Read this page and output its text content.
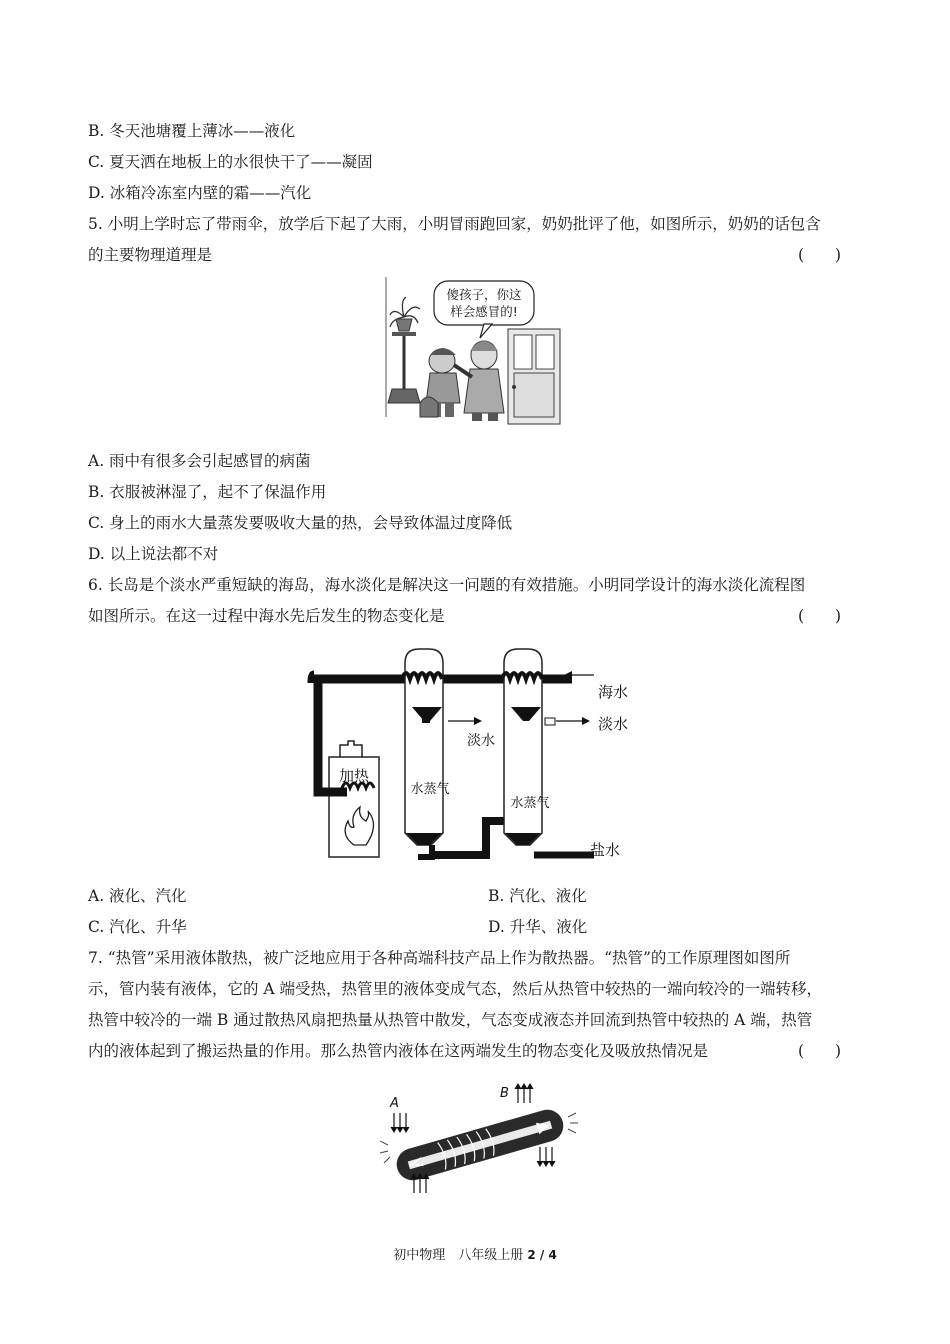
B. 冬天池塘覆上薄冰——液化
C. 夏天洒在地板上的水很快干了——凝固
D. 冰箱冷冻室内壁的霜——汽化
5. 小明上学时忘了带雨伞，放学后下起了大雨，小明冒雨跑回家，奶奶批评了他，如图所示，奶奶的话包含
的主要物理道理是	(　　)
傻孩子，你这
样会感冒的!
A. 雨中有很多会引起感冒的病菌
B. 衣服被淋湿了，起不了保温作用
C. 身上的雨水大量蒸发要吸收大量的热，会导致体温过度降低
D. 以上说法都不对
6. 长岛是个淡水严重短缺的海岛，海水淡化是解决这一问题的有效措施。小明同学设计的海水淡化流程图
如图所示。在这一过程中海水先后发生的物态变化是	(　　)
加热
水蒸气
淡水
水蒸气
海水
淡水
盐水
A. 液化、汽化	B. 汽化、液化
C. 汽化、升华	D. 升华、液化
7. “热管”采用液体散热，被广泛地应用于各种高端科技产品上作为散热器。“热管”的工作原理图如图所
示，管内装有液体，它的 A 端受热，热管里的液体变成气态，然后从热管中较热的一端向较冷的一端转移，
热管中较冷的一端 B 通过散热风扇把热量从热管中散发，气态变成液态并回流到热管中较热的 A 端，热管
内的液体起到了搬运热量的作用。那么热管内液体在这两端发生的物态变化及吸放热情况是	(　　)
A
B
初中物理　八年级上册 2 / 4
